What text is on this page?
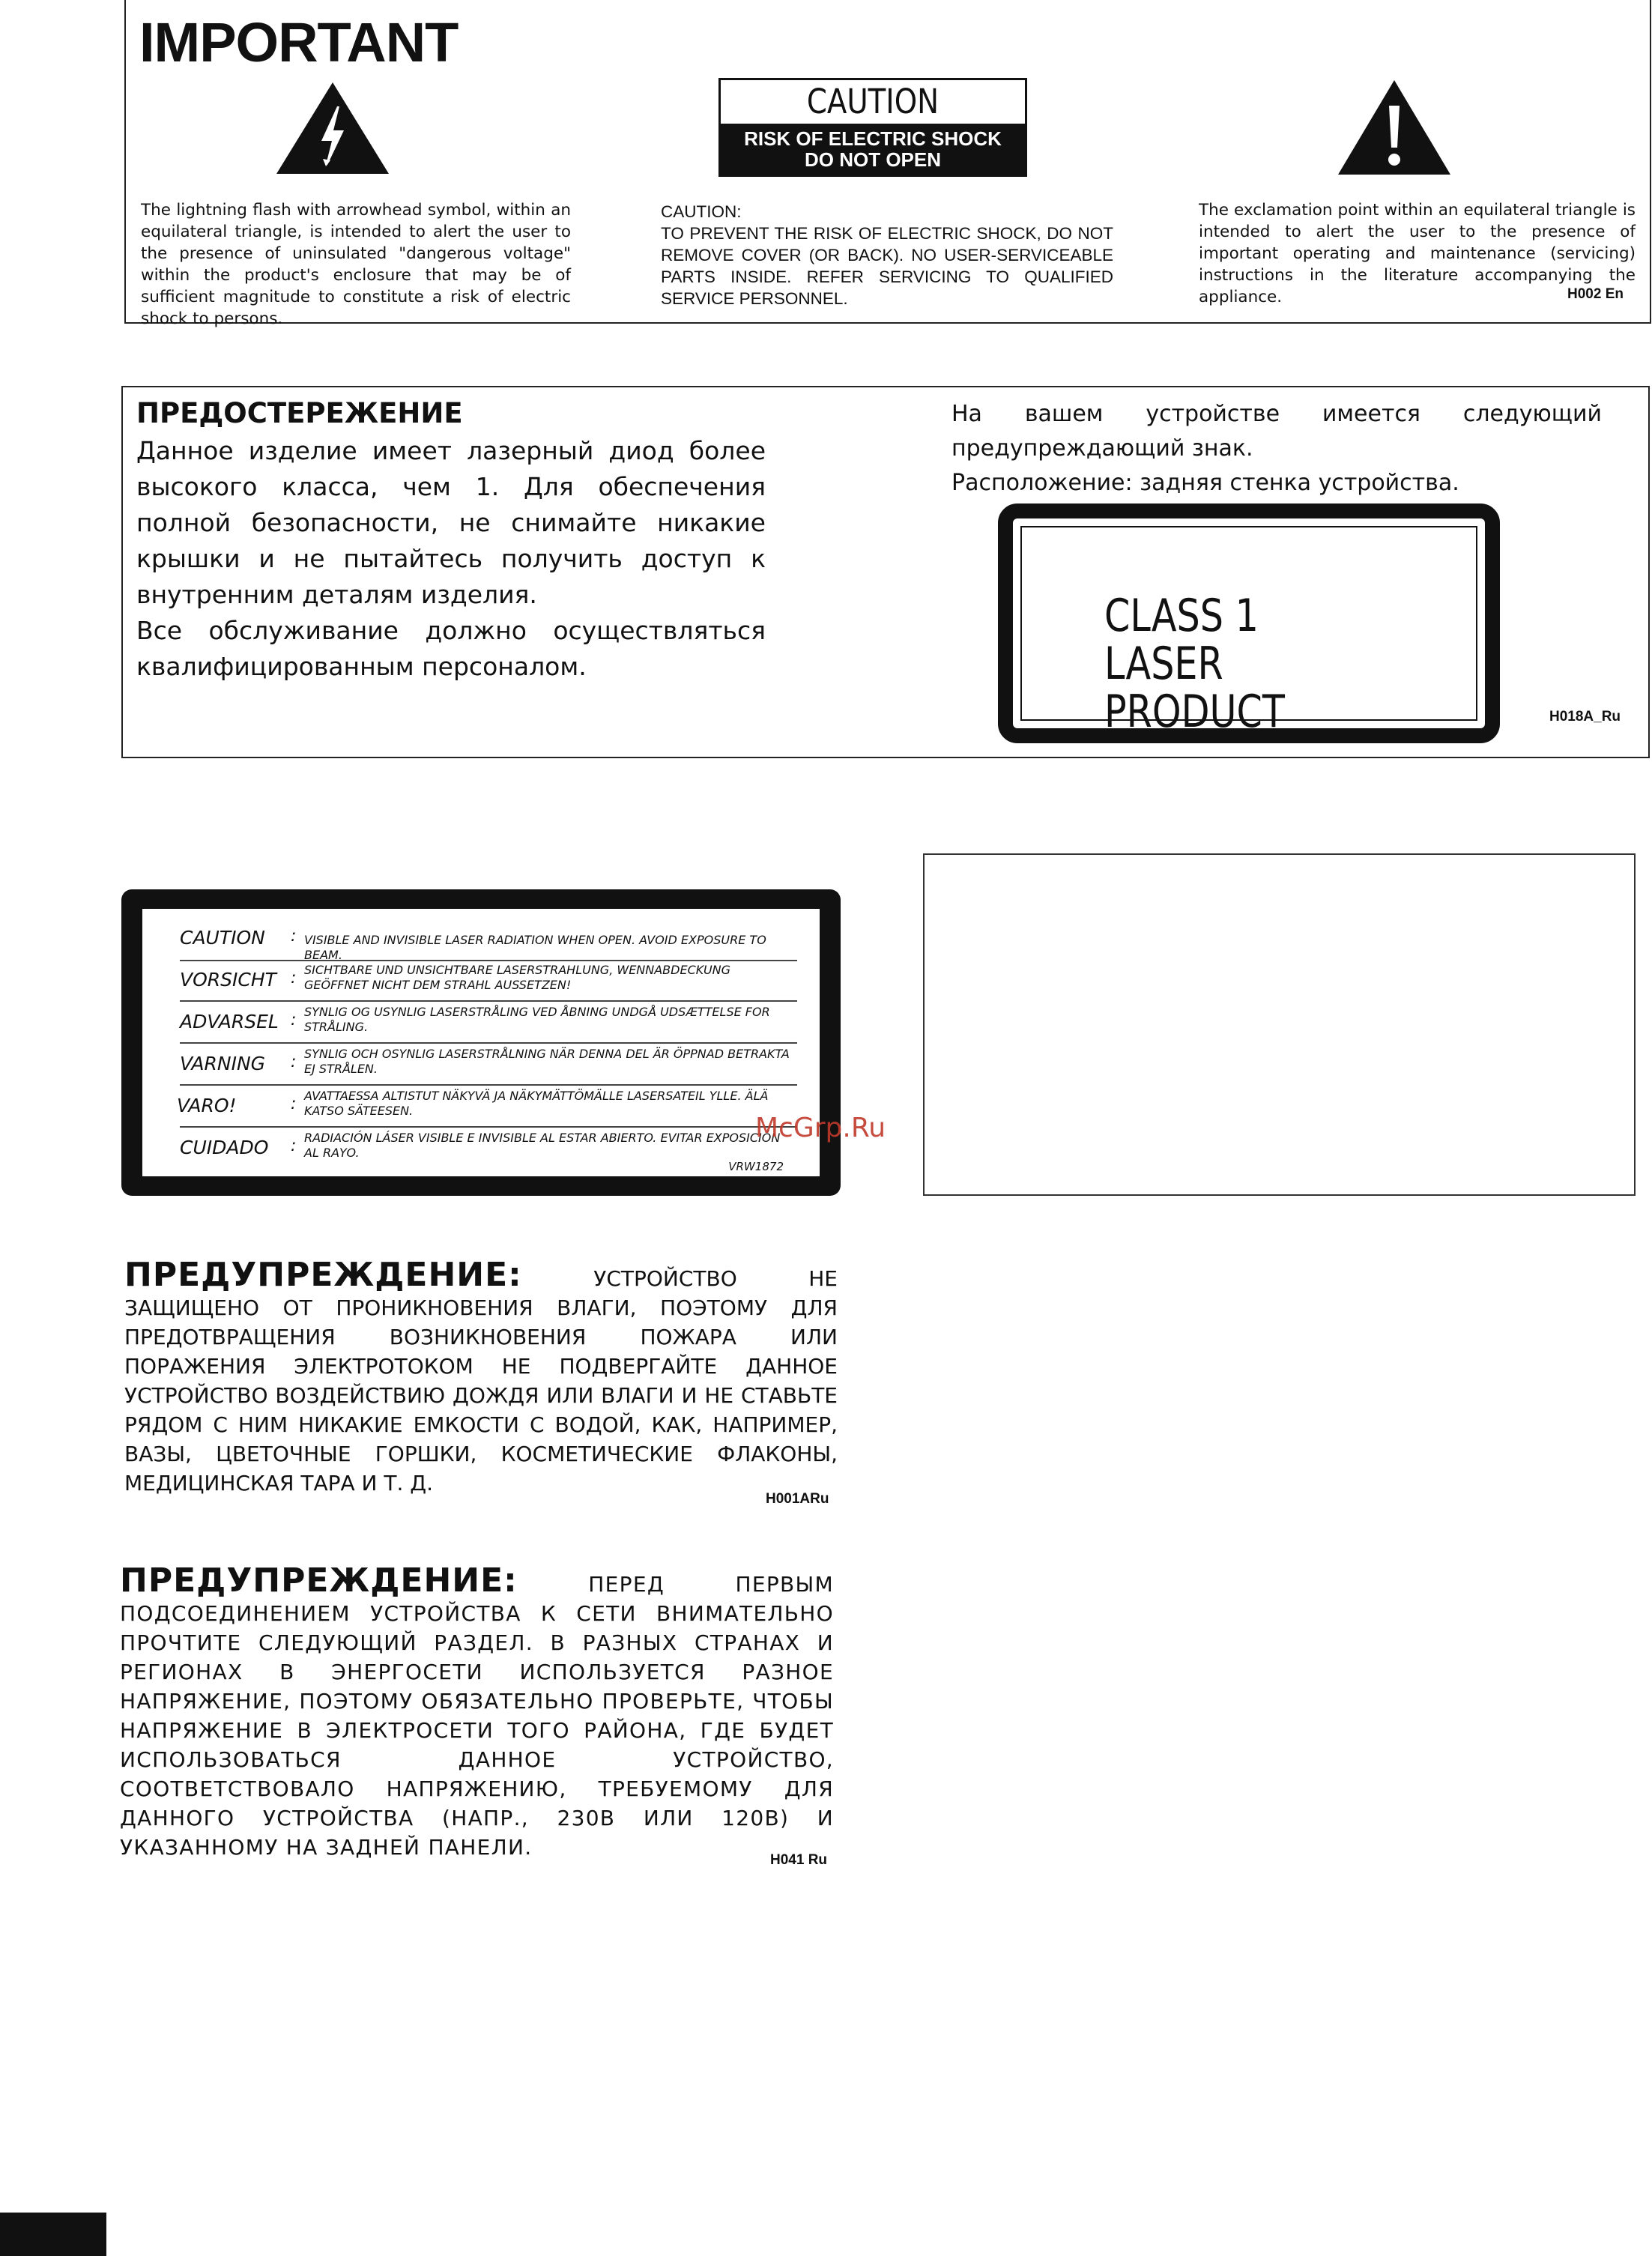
IMPORTANT
The lightning flash with arrowhead symbol, within an equilateral triangle, is intended to alert the user to the presence of uninsulated "dangerous voltage" within the product's enclosure that may be of sufficient magnitude to constitute a risk of electric shock to persons.
CAUTION
RISK OF ELECTRIC SHOCK
DO NOT OPEN
CAUTION:
TO PREVENT THE RISK OF ELECTRIC SHOCK, DO NOT REMOVE COVER (OR BACK). NO USER-SERVICEABLE PARTS INSIDE. REFER SERVICING TO QUALIFIED SERVICE PERSONNEL.
The exclamation point within an equilateral triangle is intended to alert the user to the presence of important operating and maintenance (servicing) instructions in the literature accompanying the appliance.	H002 En
ПРЕДОСТЕРЕЖЕНИЕ
Данное изделие имеет лазерный диод более высокого класса, чем 1. Для обеспечения полной безопасности, не снимайте никакие крышки и не пытайтесь получить доступ к внутренним деталям изделия.
Все обслуживание должно осуществляться квалифицированным персоналом.
На вашем устройстве имеется следующий предупреждающий знак.
Расположение: задняя стенка устройства.
CLASS 1
LASER PRODUCT	H018A_Ru
CAUTION : VISIBLE AND INVISIBLE LASER RADIATION WHEN OPEN. AVOID EXPOSURE TO BEAM.
VORSICHT : SICHTBARE UND UNSICHTBARE LASERSTRAHLUNG, WENNABDECKUNG GEÖFFNET NICHT DEM STRAHL AUSSETZEN!
ADVARSEL : SYNLIG OG USYNLIG LASERSTRÅLING VED ÅBNING UNDGÅ UDSÆTTELSE FOR STRÅLING.
VARNING : SYNLIG OCH OSYNLIG LASERSTRÅLNING NÄR DENNA DEL ÄR ÖPPNAD BETRAKTA EJ STRÅLEN.
VARO!	: AVATTAESSA ALTISTUT NÄKYVÄ JA NÄKYMÄTTÖMÄLLE LASERSATEIL YLLE. ÄLÄ KATSO SÄTEESEN.
CUIDADO : RADIACIÓN LÁSER VISIBLE E INVISIBLE AL ESTAR ABIERTO. EVITAR EXPOSICIÓN AL RAYO.
VRW1872
McGrp.Ru
ПРЕДУПРЕЖДЕНИЕ:	УСТРОЙСТВО НЕ ЗАЩИЩЕНО ОТ ПРОНИКНОВЕНИЯ ВЛАГИ, ПОЭТОМУ ДЛЯ ПРЕДОТВРАЩЕНИЯ ВОЗНИКНОВЕНИЯ ПОЖАРА ИЛИ ПОРАЖЕНИЯ ЭЛЕКТРОТОКОМ НЕ ПОДВЕРГАЙТЕ ДАННОЕ УСТРОЙСТВО ВОЗДЕЙСТВИЮ ДОЖДЯ ИЛИ ВЛАГИ И НЕ СТАВЬТЕ РЯДОМ С НИМ НИКАКИЕ ЕМКОСТИ С ВОДОЙ, КАК, НАПРИМЕР, ВАЗЫ, ЦВЕТОЧНЫЕ ГОРШКИ, КОСМЕТИЧЕСКИЕ ФЛАКОНЫ, МЕДИЦИНСКАЯ ТАРА И Т. Д.
H001ARu
ПРЕДУПРЕЖДЕНИЕ:	ПЕРЕД ПЕРВЫМ ПОДСОЕДИНЕНИЕМ УСТРОЙСТВА К СЕТИ ВНИМАТЕЛЬНО ПРОЧТИТЕ СЛЕДУЮЩИЙ РАЗДЕЛ. В РАЗНЫХ СТРАНАХ И РЕГИОНАХ В ЭНЕРГОСЕТИ ИСПОЛЬЗУЕТСЯ РАЗНОЕ НАПРЯЖЕНИЕ, ПОЭТОМУ ОБЯЗАТЕЛЬНО ПРОВЕРЬТЕ, ЧТОБЫ НАПРЯЖЕНИЕ В ЭЛЕКТРОСЕТИ ТОГО РАЙОНА, ГДЕ БУДЕТ ИСПОЛЬЗОВАТЬСЯ ДАННОЕ УСТРОЙСТВО, СООТВЕТСТВОВАЛО НАПРЯЖЕНИЮ, ТРЕБУЕМОМУ ДЛЯ ДАННОГО УСТРОЙСТВА (НАПР., 230В ИЛИ 120В) И УКАЗАННОМУ НА ЗАДНЕЙ ПАНЕЛИ.
H041 Ru
